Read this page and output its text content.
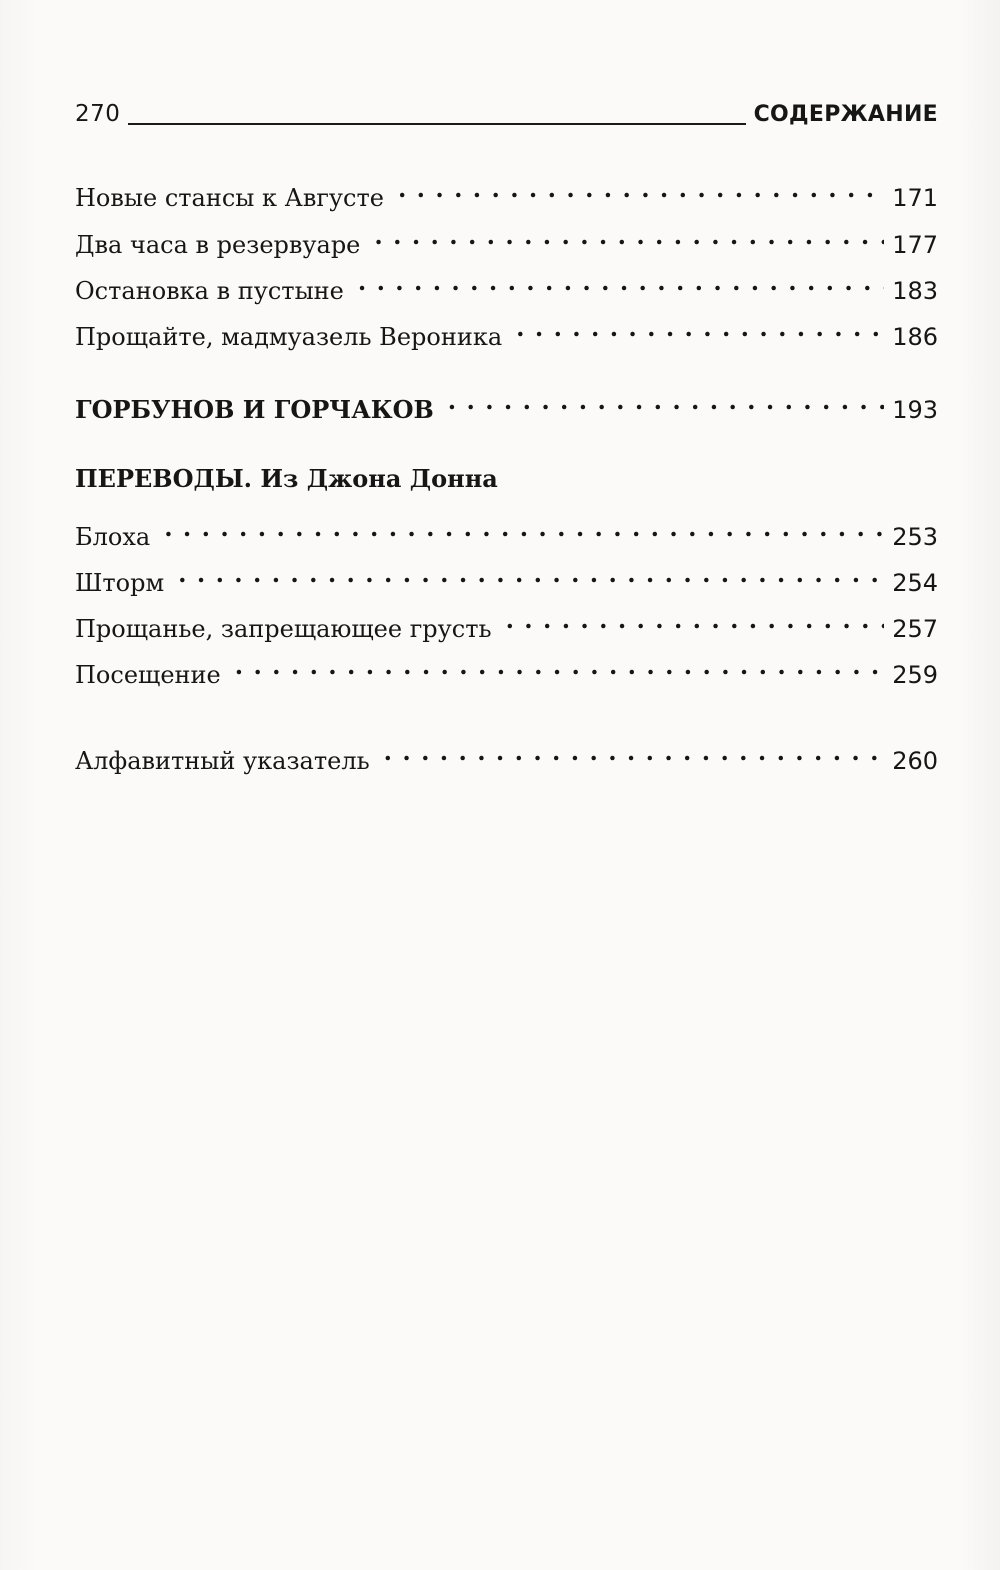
270	СОДЕРЖАНИЕ
Новые стансы к Августе . . .	171
Два часа в резервуаре . . .	177
Остановка в пустыне . . .	183
Прощайте, мадмуазель Вероника . . .	186
ГОРБУНОВ И ГОРЧАКОВ . . .	193
ПЕРЕВОДЫ. Из Джона Донна
Блоха . . .	253
Шторм . . .	254
Прощанье, запрещающее грусть . . .	257
Посещение . . .	259
Алфавитный указатель . . .	260
